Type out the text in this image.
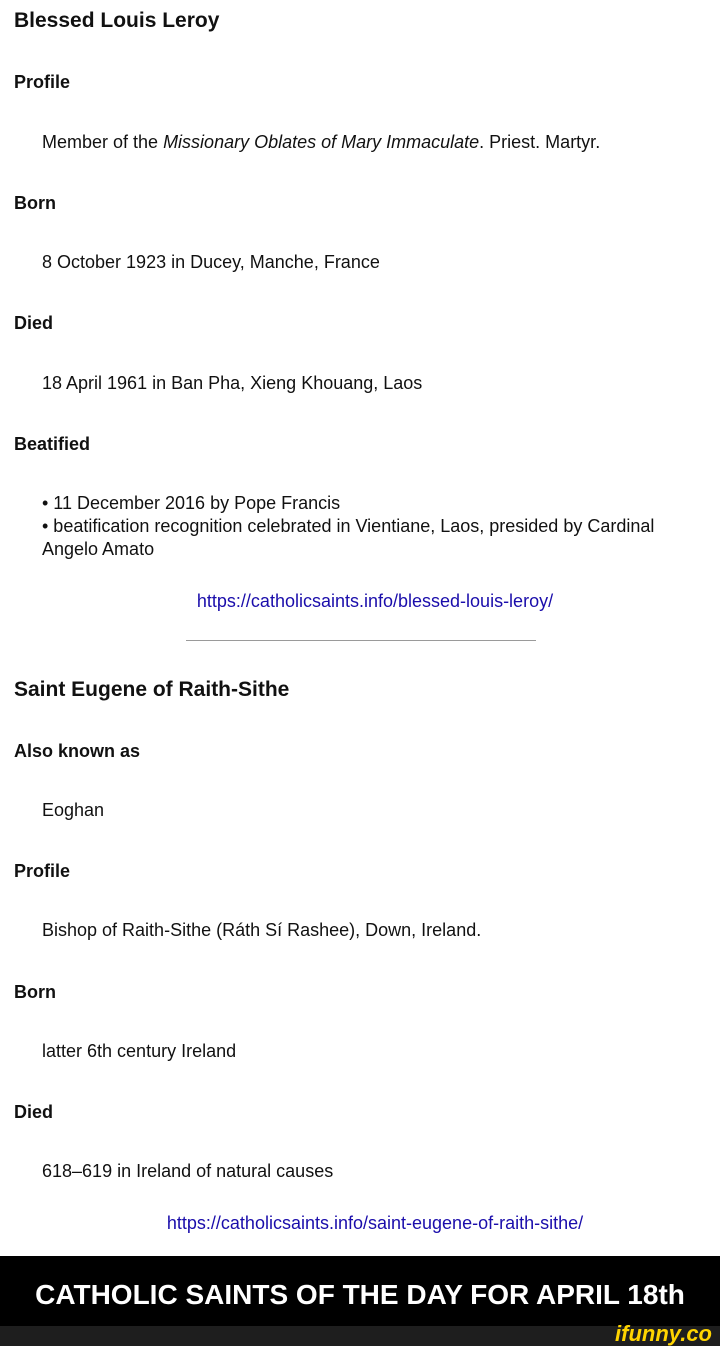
Blessed Louis Leroy
Profile
Member of the Missionary Oblates of Mary Immaculate. Priest. Martyr.
Born
8 October 1923 in Ducey, Manche, France
Died
18 April 1961 in Ban Pha, Xieng Khouang, Laos
Beatified
• 11 December 2016 by Pope Francis
• beatification recognition celebrated in Vientiane, Laos, presided by Cardinal Angelo Amato
https://catholicsaints.info/blessed-louis-leroy/
Saint Eugene of Raith-Sithe
Also known as
Eoghan
Profile
Bishop of Raith-Sithe (Ráth Sí Rashee), Down, Ireland.
Born
latter 6th century Ireland
Died
618–619 in Ireland of natural causes
https://catholicsaints.info/saint-eugene-of-raith-sithe/
CATHOLIC SAINTS OF THE DAY FOR APRIL 18th
ifunny.co
